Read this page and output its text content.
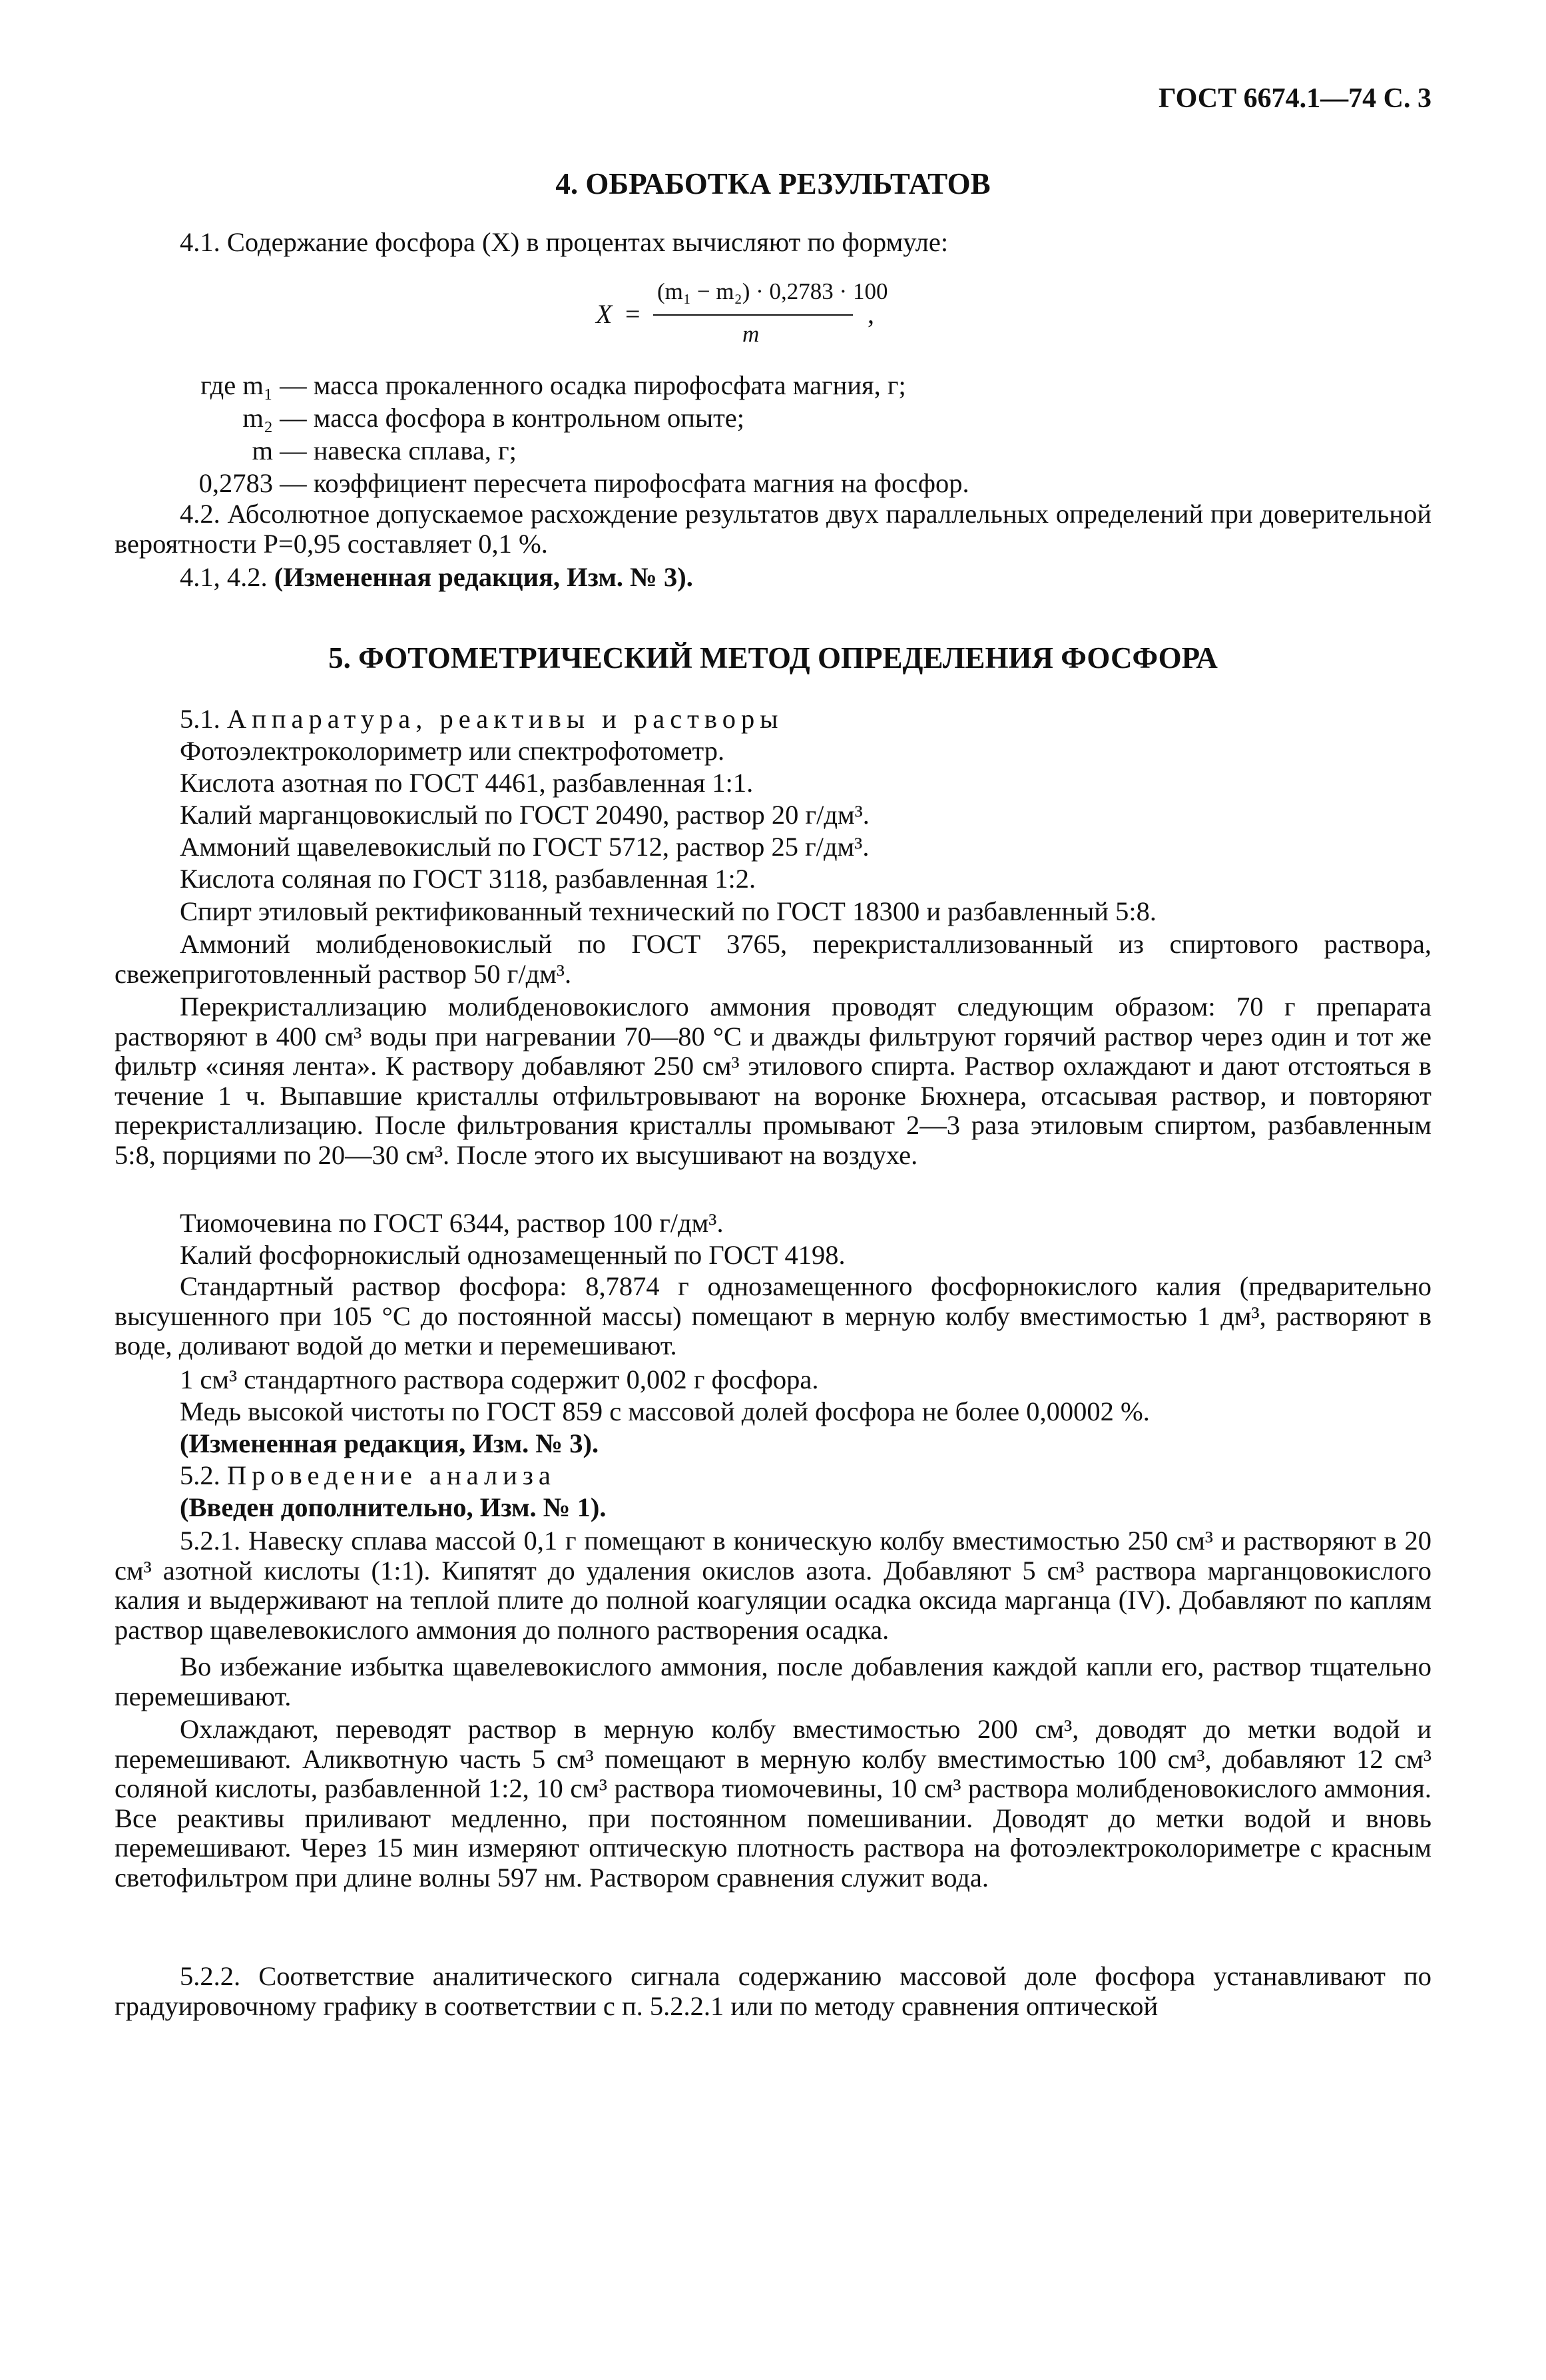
ГОСТ 6674.1—74 С. 3
4. ОБРАБОТКА РЕЗУЛЬТАТОВ
4.1. Содержание фосфора (X) в процентах вычисляют по формуле:
X =
(m₁ − m₂) · 0,2783 · 100
m
,
где m₁ — масса прокаленного осадка пирофосфата магния, г;
m₂ — масса фосфора в контрольном опыте;
m — навеска сплава, г;
0,2783 — коэффициент пересчета пирофосфата магния на фосфор.
4.2. Абсолютное допускаемое расхождение результатов двух параллельных определений при доверительной вероятности P=0,95 составляет 0,1 %.
4.1, 4.2. (Измененная редакция, Изм. № 3).
5. ФОТОМЕТРИЧЕСКИЙ МЕТОД ОПРЕДЕЛЕНИЯ ФОСФОРА
5.1. Аппаратура, реактивы и растворы
Фотоэлектроколориметр или спектрофотометр.
Кислота азотная по ГОСТ 4461, разбавленная 1:1.
Калий марганцовокислый по ГОСТ 20490, раствор 20 г/дм³.
Аммоний щавелевокислый по ГОСТ 5712, раствор 25 г/дм³.
Кислота соляная по ГОСТ 3118, разбавленная 1:2.
Спирт этиловый ректификованный технический по ГОСТ 18300 и разбавленный 5:8.
Аммоний молибденовокислый по ГОСТ 3765, перекристаллизованный из спиртового раствора, свежеприготовленный раствор 50 г/дм³.
Перекристаллизацию молибденовокислого аммония проводят следующим образом: 70 г препарата растворяют в 400 см³ воды при нагревании 70—80 °С и дважды фильтруют горячий раствор через один и тот же фильтр «синяя лента». К раствору добавляют 250 см³ этилового спирта. Раствор охлаждают и дают отстояться в течение 1 ч. Выпавшие кристаллы отфильтровывают на воронке Бюхнера, отсасывая раствор, и повторяют перекристаллизацию. После фильтрования кристаллы промывают 2—3 раза этиловым спиртом, разбавленным 5:8, порциями по 20—30 см³. После этого их высушивают на воздухе.
Тиомочевина по ГОСТ 6344, раствор 100 г/дм³.
Калий фосфорнокислый однозамещенный по ГОСТ 4198.
Стандартный раствор фосфора: 8,7874 г однозамещенного фосфорнокислого калия (предварительно высушенного при 105 °С до постоянной массы) помещают в мерную колбу вместимостью 1 дм³, растворяют в воде, доливают водой до метки и перемешивают.
1 см³ стандартного раствора содержит 0,002 г фосфора.
Медь высокой чистоты по ГОСТ 859 с массовой долей фосфора не более 0,00002 %.
(Измененная редакция, Изм. № 3).
5.2. Проведение анализа
(Введен дополнительно, Изм. № 1).
5.2.1. Навеску сплава массой 0,1 г помещают в коническую колбу вместимостью 250 см³ и растворяют в 20 см³ азотной кислоты (1:1). Кипятят до удаления окислов азота. Добавляют 5 см³ раствора марганцовокислого калия и выдерживают на теплой плите до полной коагуляции осадка оксида марганца (IV). Добавляют по каплям раствор щавелевокислого аммония до полного растворения осадка.
Во избежание избытка щавелевокислого аммония, после добавления каждой капли его, раствор тщательно перемешивают.
Охлаждают, переводят раствор в мерную колбу вместимостью 200 см³, доводят до метки водой и перемешивают. Аликвотную часть 5 см³ помещают в мерную колбу вместимостью 100 см³, добавляют 12 см³ соляной кислоты, разбавленной 1:2, 10 см³ раствора тиомочевины, 10 см³ раствора молибденовокислого аммония. Все реактивы приливают медленно, при постоянном помешивании. Доводят до метки водой и вновь перемешивают. Через 15 мин измеряют оптическую плотность раствора на фотоэлектроколориметре с красным светофильтром при длине волны 597 нм. Раствором сравнения служит вода.
5.2.2. Соответствие аналитического сигнала содержанию массовой доле фосфора устанавливают по градуировочному графику в соответствии с п. 5.2.2.1 или по методу сравнения оптической
